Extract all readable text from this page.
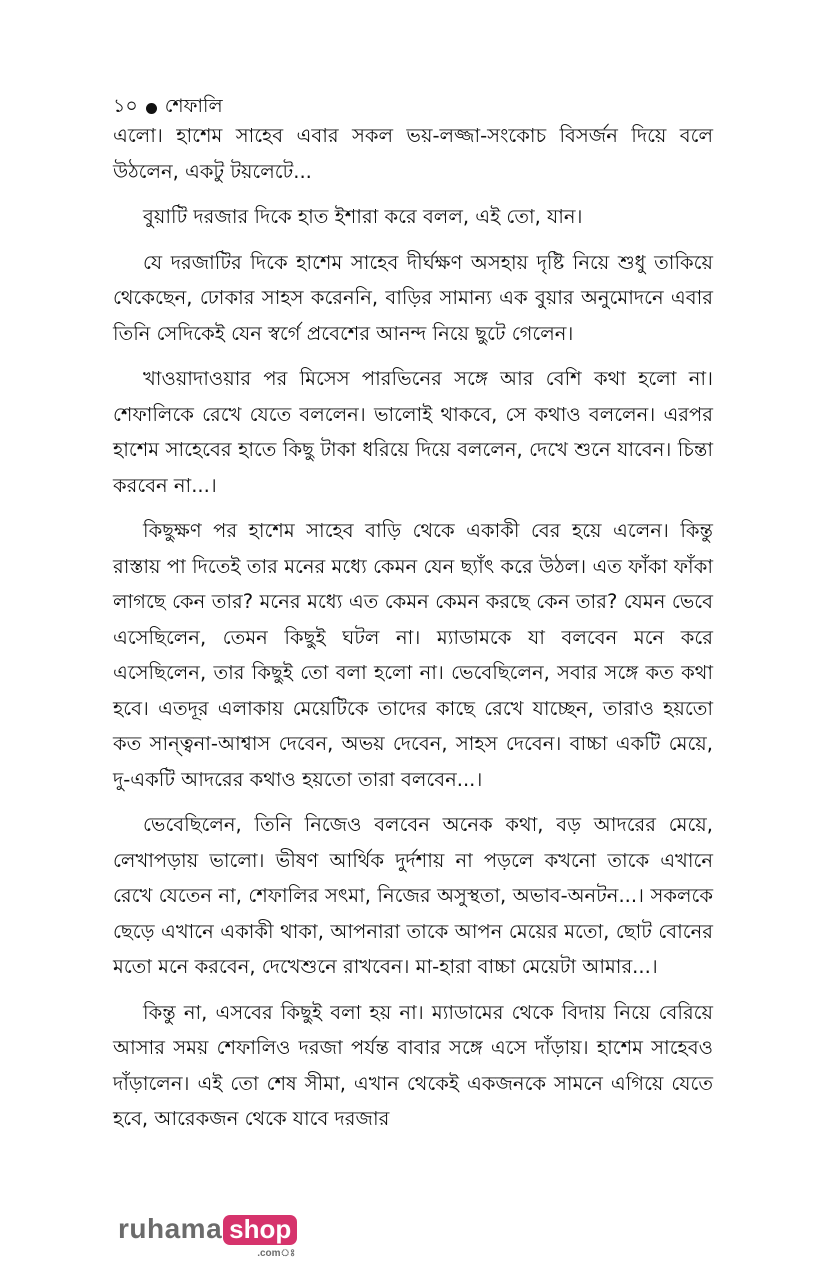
১০ শেফালি

এলো। হাশেম সাহেব এবার সকল ভয়-লজ্জা-সংকোচ বিসর্জন দিয়ে বলে উঠলেন, একটু টয়লেটে...

বুয়াটি দরজার দিকে হাত ইশারা করে বলল, এই তো, যান।

যে দরজাটির দিকে হাশেম সাহেব দীর্ঘক্ষণ অসহায় দৃষ্টি নিয়ে শুধু তাকিয়ে থেকেছেন, ঢোকার সাহস করেননি, বাড়ির সামান্য এক বুয়ার অনুমোদনে এবার তিনি সেদিকেই যেন স্বর্গে প্রবেশের আনন্দ নিয়ে ছুটে গেলেন।

খাওয়াদাওয়ার পর মিসেস পারভিনের সঙ্গে আর বেশি কথা হলো না। শেফালিকে রেখে যেতে বললেন। ভালোই থাকবে, সে কথাও বললেন। এরপর হাশেম সাহেবের হাতে কিছু টাকা ধরিয়ে দিয়ে বললেন, দেখে শুনে যাবেন। চিন্তা করবেন না...।

কিছুক্ষণ পর হাশেম সাহেব বাড়ি থেকে একাকী বের হয়ে এলেন। কিন্তু রাস্তায় পা দিতেই তার মনের মধ্যে কেমন যেন ছ্যাঁৎ করে উঠল। এত ফাঁকা ফাঁকা লাগছে কেন তার? মনের মধ্যে এত কেমন কেমন করছে কেন তার? যেমন ভেবে এসেছিলেন, তেমন কিছুই ঘটল না। ম্যাডামকে যা বলবেন মনে করে এসেছিলেন, তার কিছুই তো বলা হলো না। ভেবেছিলেন, সবার সঙ্গে কত কথা হবে। এতদূর এলাকায় মেয়েটিকে তাদের কাছে রেখে যাচ্ছেন, তারাও হয়তো কত সান্ত্বনা-আশ্বাস দেবেন, অভয় দেবেন, সাহস দেবেন। বাচ্চা একটি মেয়ে, দু-একটি আদরের কথাও হয়তো তারা বলবেন...।

ভেবেছিলেন, তিনি নিজেও বলবেন অনেক কথা, বড় আদরের মেয়ে, লেখাপড়ায় ভালো। ভীষণ আর্থিক দুর্দশায় না পড়লে কখনো তাকে এখানে রেখে যেতেন না, শেফালির সৎমা, নিজের অসুস্থতা, অভাব-অনটন...। সকলকে ছেড়ে এখানে একাকী থাকা, আপনারা তাকে আপন মেয়ের মতো, ছোট বোনের মতো মনে করবেন, দেখেশুনে রাখবেন। মা-হারা বাচ্চা মেয়েটা আমার...।

কিন্তু না, এসবের কিছুই বলা হয় না। ম্যাডামের থেকে বিদায় নিয়ে বেরিয়ে আসার সময় শেফালিও দরজা পর্যন্ত বাবার সঙ্গে এসে দাঁড়ায়। হাশেম সাহেবও দাঁড়ালেন। এই তো শেষ সীমা, এখান থেকেই একজনকে সামনে এগিয়ে যেতে হবে, আরেকজন থেকে যাবে দরজার

ruhama shop
.comঃ
